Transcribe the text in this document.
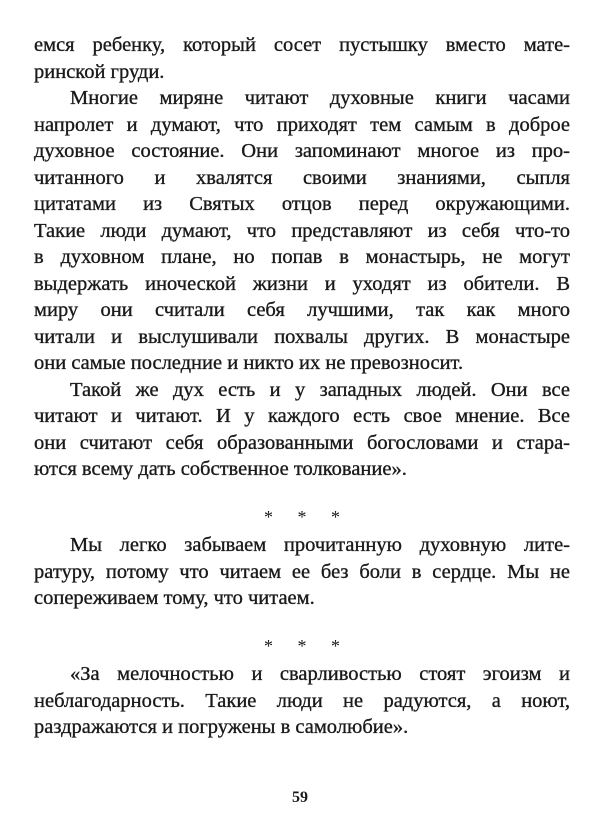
емся ребенку, который сосет пустышку вместо мате-
ринской груди.
Многие миряне читают духовные книги часами
напролет и думают, что приходят тем самым в доброе
духовное состояние. Они запоминают многое из про-
читанного и хвалятся своими знаниями, сыпля
цитатами из Святых отцов перед окружающими.
Такие люди думают, что представляют из себя что-то
в духовном плане, но попав в монастырь, не могут
выдержать иноческой жизни и уходят из обители. В
миру они считали себя лучшими, так как много
читали и выслушивали похвалы других. В монастыре
они самые последние и никто их не превозносит.
Такой же дух есть и у западных людей. Они все
читают и читают. И у каждого есть свое мнение. Все
они считают себя образованными богословами и стара-
ются всему дать собственное толкование».
* * *
Мы легко забываем прочитанную духовную лите-
ратуру, потому что читаем ее без боли в сердце. Мы не
сопереживаем тому, что читаем.
* * *
«За мелочностью и сварливостью стоят эгоизм и
неблагодарность. Такие люди не радуются, а ноют,
раздражаются и погружены в самолюбие».
59
